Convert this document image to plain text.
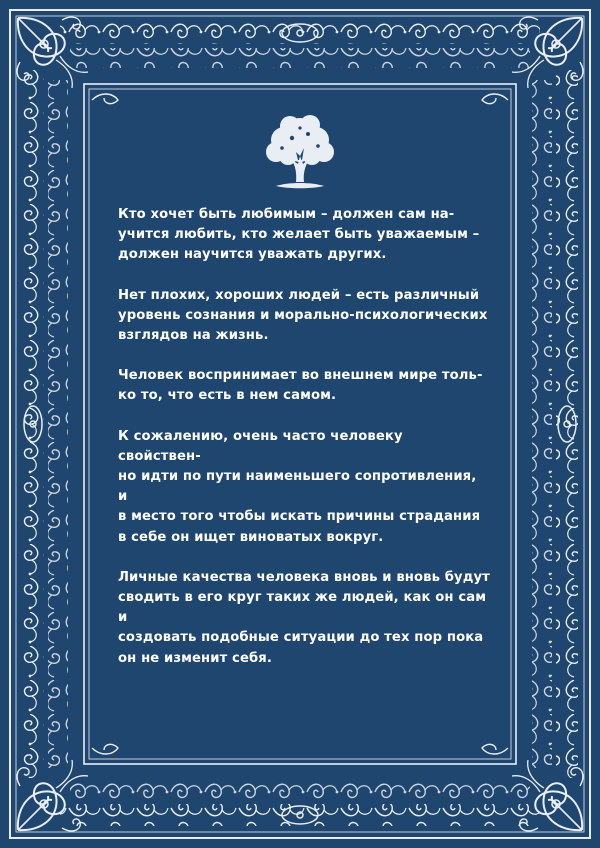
Кто хочет быть любимым – должен сам на-
учится любить, кто желает быть уважаемым –
должен научится уважать других.

Нет плохих, хороших людей – есть различный
уровень сознания и морально-психологических
взглядов на жизнь.

Человек воспринимает во внешнем мире толь-
ко то, что есть в нем самом.

К сожалению, очень часто человеку свойствен-
но идти по пути наименьшего сопротивления, и
в место того чтобы искать причины страдания
в себе он ищет виноватых вокруг.

Личные качества человека вновь и вновь будут
сводить в его круг таких же людей, как он сам и
создовать подобные ситуации до тех пор пока
он не изменит себя.
